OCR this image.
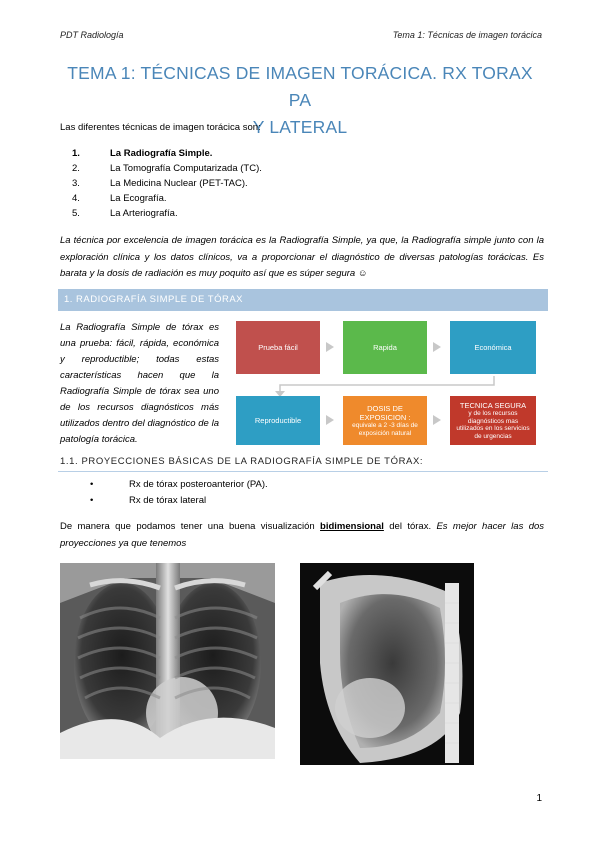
PDT Radiología	Tema 1: Técnicas de imagen torácica
TEMA 1: TÉCNICAS DE IMAGEN TORÁCICA. RX TORAX PA
Y LATERAL
Las diferentes técnicas de imagen torácica son:
1.	La Radiografía Simple.
2.	La Tomografía Computarizada (TC).
3.	La Medicina Nuclear (PET-TAC).
4.	La Ecografía.
5.	La Arteriografía.
La técnica por excelencia de imagen torácica es la Radiografía Simple, ya que, la Radiografía simple junto con la exploración clínica y los datos clínicos, va a proporcionar el diagnóstico de diversas patologías torácicas. Es barata y la dosis de radiación es muy poquito así que es súper segura ☺
1. RADIOGRAFÍA SIMPLE DE TÓRAX
La Radiografía Simple de tórax es una prueba: fácil, rápida, económica y reproductible; todas estas características hacen que la Radiografía Simple de tórax sea uno de los recursos diagnósticos más utilizados dentro del diagnóstico de la patología torácica.
Prueba fácil	Rapida	Económica
Reproductible
DOSIS DE EXPOSICION :
equivale a 2 -3 días de exposición natural
TECNICA SEGURA
y de los recursos diagnósticos mas utilizados en los servicios de urgencias
1.1. PROYECCIONES BÁSICAS DE LA RADIOGRAFÍA SIMPLE DE TÓRAX:
•	Rx de tórax posteroanterior (PA).
•	Rx de tórax lateral
De manera que podamos tener una buena visualización bidimensional del tórax. Es mejor hacer las dos proyecciones ya que tenemos
1
